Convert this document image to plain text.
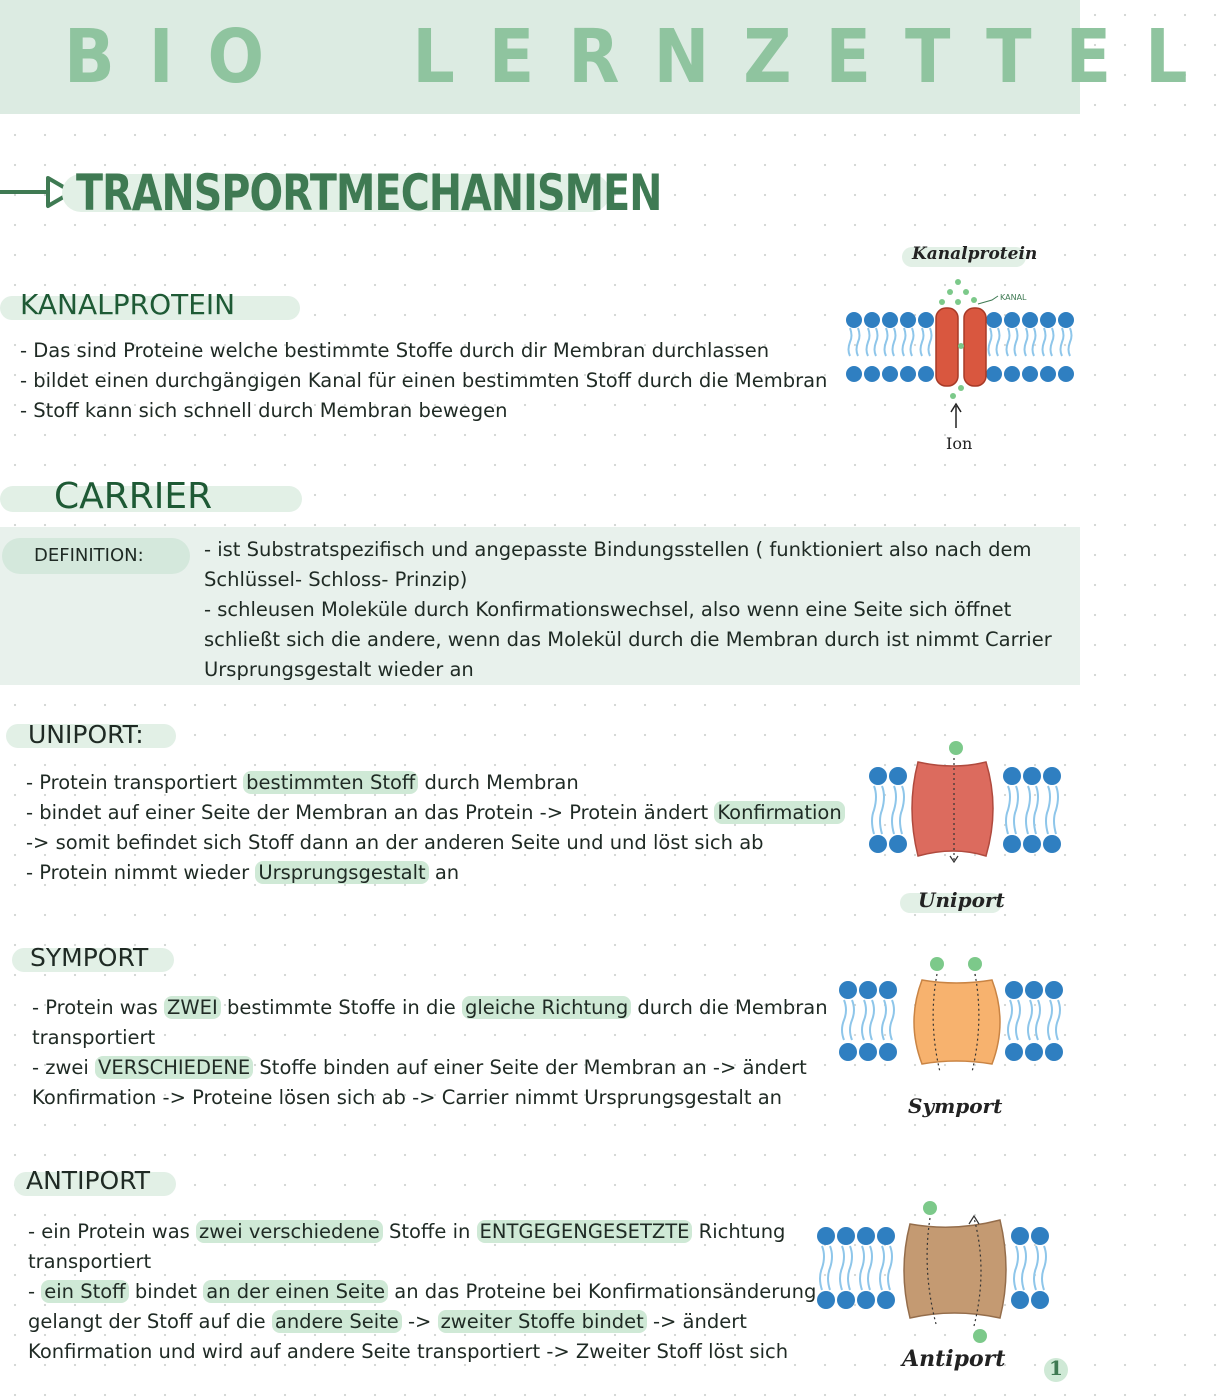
BIO  LERNZETTEL
TRANSPORTMECHANISMEN
KANALPROTEIN
- Das sind Proteine welche bestimmte Stoffe durch dir Membran durchlassen
- bildet einen durchgängigen Kanal für einen bestimmten Stoff durch die Membran
- Stoff kann sich schnell durch Membran bewegen
Kanalprotein
KANAL
Ion
CARRIER
DEFINITION:	- ist Substratspezifisch und angepasste Bindungsstellen ( funktioniert also nach dem
Schlüssel- Schloss- Prinzip)
- schleusen Moleküle durch Konfirmationswechsel, also wenn eine Seite sich öffnet
schließt sich die andere, wenn das Molekül durch die Membran durch ist nimmt Carrier
Ursprungsgestalt wieder an
UNIPORT:
- Protein transportiert bestimmten Stoff durch Membran
- bindet auf einer Seite der Membran an das Protein -> Protein ändert Konfirmation
-> somit befindet sich Stoff dann an der anderen Seite und und löst sich ab
- Protein nimmt wieder Ursprungsgestalt an
Uniport
SYMPORT
- Protein was ZWEI bestimmte Stoffe in die gleiche Richtung durch die Membran
transportiert
- zwei VERSCHIEDENE Stoffe binden auf einer Seite der Membran an -> ändert
Konfirmation -> Proteine lösen sich ab -> Carrier nimmt Ursprungsgestalt an	Symport
ANTIPORT
- ein Protein was zwei verschiedene Stoffe in ENTGEGENGESETZTE Richtung
transportiert
- ein Stoff bindet an der einen Seite an das Proteine bei Konfirmationsänderung
gelangt der Stoff auf die andere Seite -> zweiter Stoffe bindet -> ändert
Konfirmation und wird auf andere Seite transportiert -> Zweiter Stoff löst sich	Antiport 1
